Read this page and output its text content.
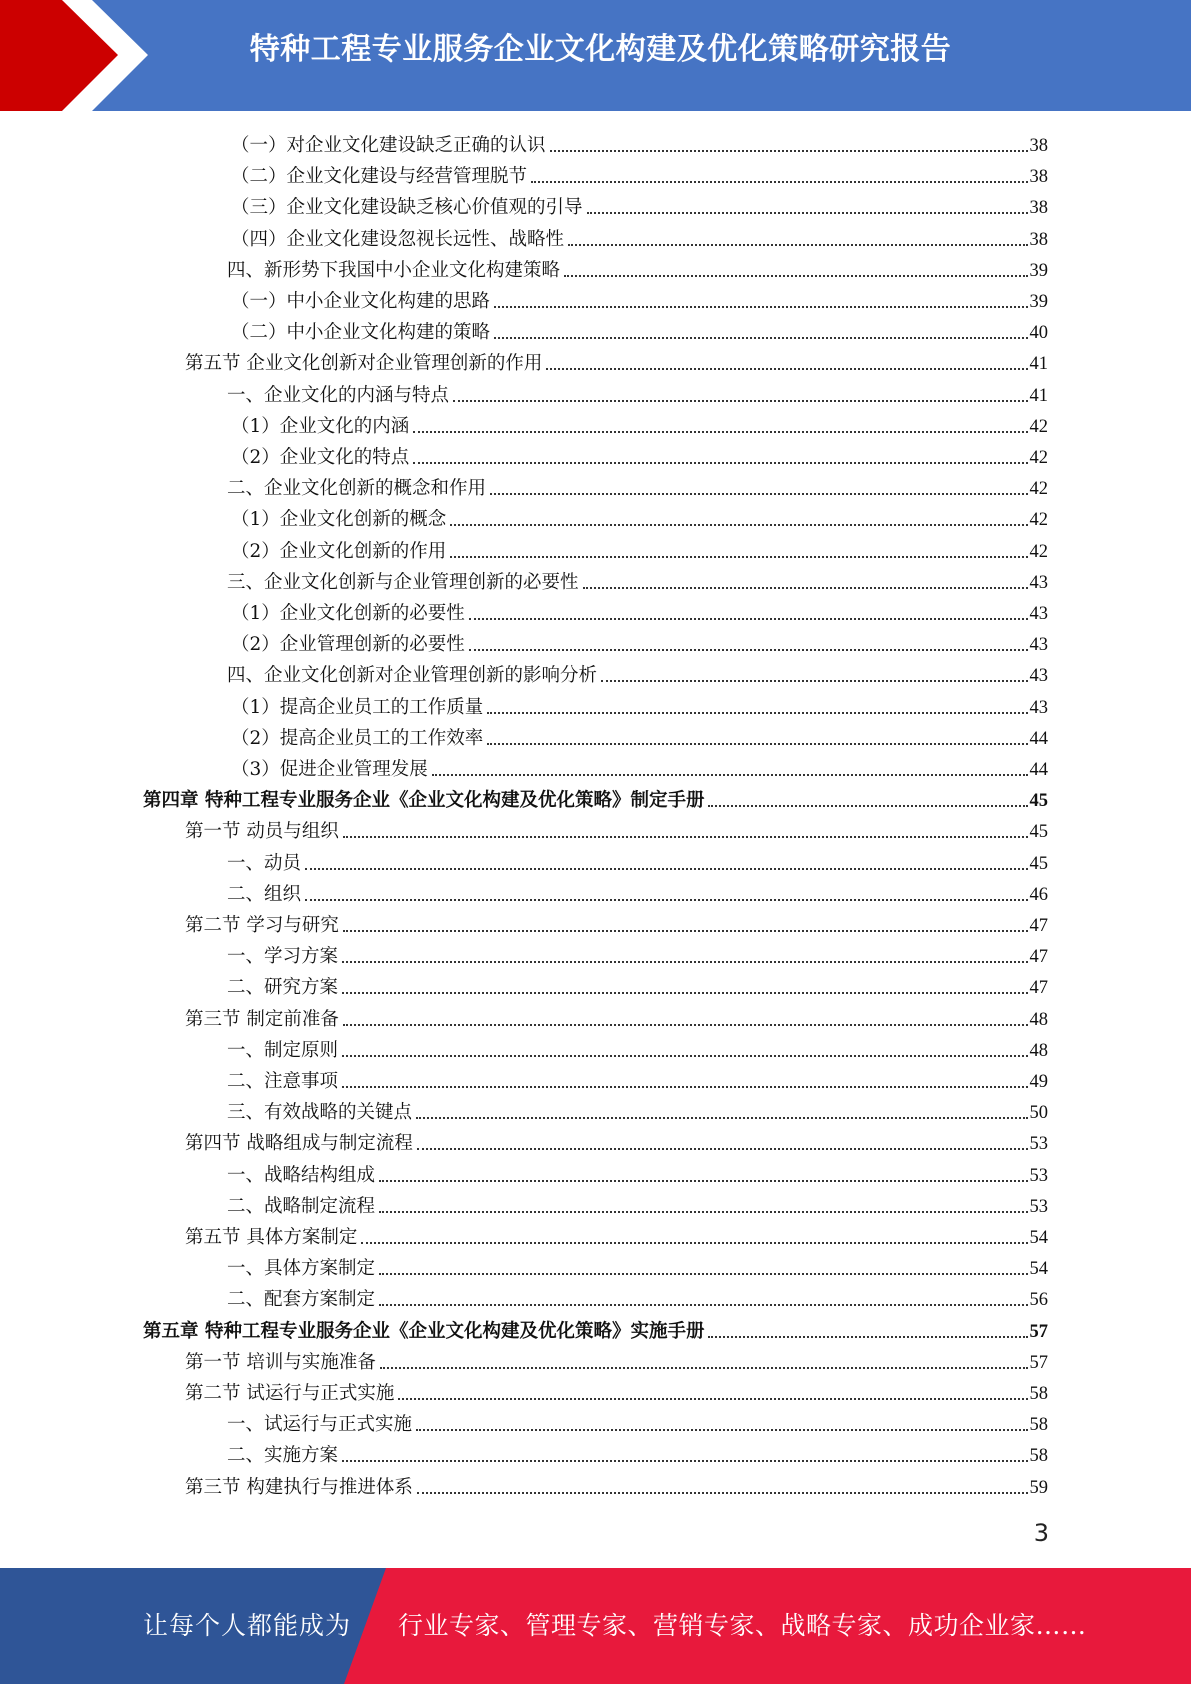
特种工程专业服务企业文化构建及优化策略研究报告
（一）对企业文化建设缺乏正确的认识	38
（二）企业文化建设与经营管理脱节	38
（三）企业文化建设缺乏核心价值观的引导	38
（四）企业文化建设忽视长远性、战略性	38
四、新形势下我国中小企业文化构建策略	39
（一）中小企业文化构建的思路	39
（二）中小企业文化构建的策略	40
第五节 企业文化创新对企业管理创新的作用	41
一、企业文化的内涵与特点	41
（1）企业文化的内涵	42
（2）企业文化的特点	42
二、企业文化创新的概念和作用	42
（1）企业文化创新的概念	42
（2）企业文化创新的作用	42
三、企业文化创新与企业管理创新的必要性	43
（1）企业文化创新的必要性	43
（2）企业管理创新的必要性	43
四、企业文化创新对企业管理创新的影响分析	43
（1）提高企业员工的工作质量	43
（2）提高企业员工的工作效率	44
（3）促进企业管理发展	44
第四章 特种工程专业服务企业《企业文化构建及优化策略》制定手册	45
第一节 动员与组织	45
一、动员	45
二、组织	46
第二节 学习与研究	47
一、学习方案	47
二、研究方案	47
第三节 制定前准备	48
一、制定原则	48
二、注意事项	49
三、有效战略的关键点	50
第四节 战略组成与制定流程	53
一、战略结构组成	53
二、战略制定流程	53
第五节 具体方案制定	54
一、具体方案制定	54
二、配套方案制定	56
第五章 特种工程专业服务企业《企业文化构建及优化策略》实施手册	57
第一节 培训与实施准备	57
第二节 试运行与正式实施	58
一、试运行与正式实施	58
二、实施方案	58
第三节 构建执行与推进体系	59
3
让每个人都能成为 行业专家、管理专家、营销专家、战略专家、成功企业家……
